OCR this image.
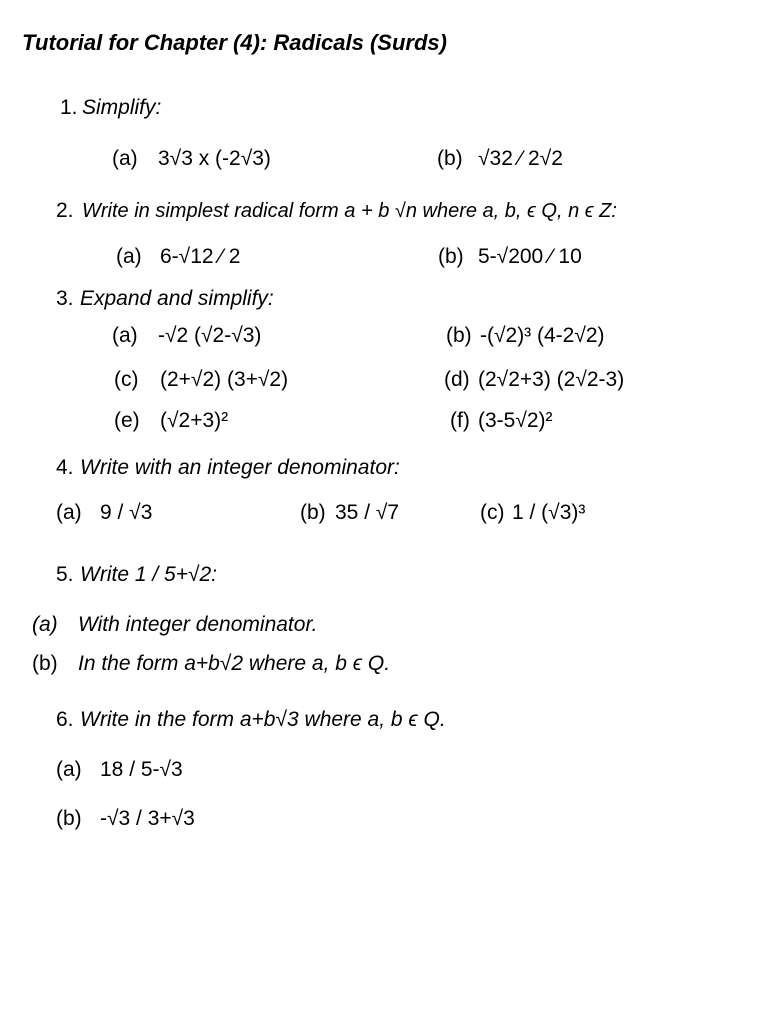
Tutorial for Chapter (4): Radicals (Surds)
1. Simplify:
(a) 3√3 x (-2√3)	(b) √32 ⁄ 2√2
2. Write in simplest radical form a + b √n where a, b, ϵ Q, n ϵ Z:
(a) 6-√12 ⁄ 2	(b) 5-√200 ⁄ 10
3. Expand and simplify:
(a) -√2 (√2-√3)	(b) -(√2)³ (4-2√2)
(c) (2+√2) (3+√2)	(d) (2√2+3) (2√2-3)
(e) (√2+3)²	(f) (3-5√2)²
4. Write with an integer denominator:
(a) 9 / √3	(b) 35 / √7	(c) 1 / (√3)³
5. Write 1 / 5+√2:
(a) With integer denominator.
(b) In the form a+b√2 where a, b ϵ Q.
6. Write in the form a+b√3 where a, b ϵ Q.
(a) 18 / 5-√3
(b) -√3 / 3+√3
